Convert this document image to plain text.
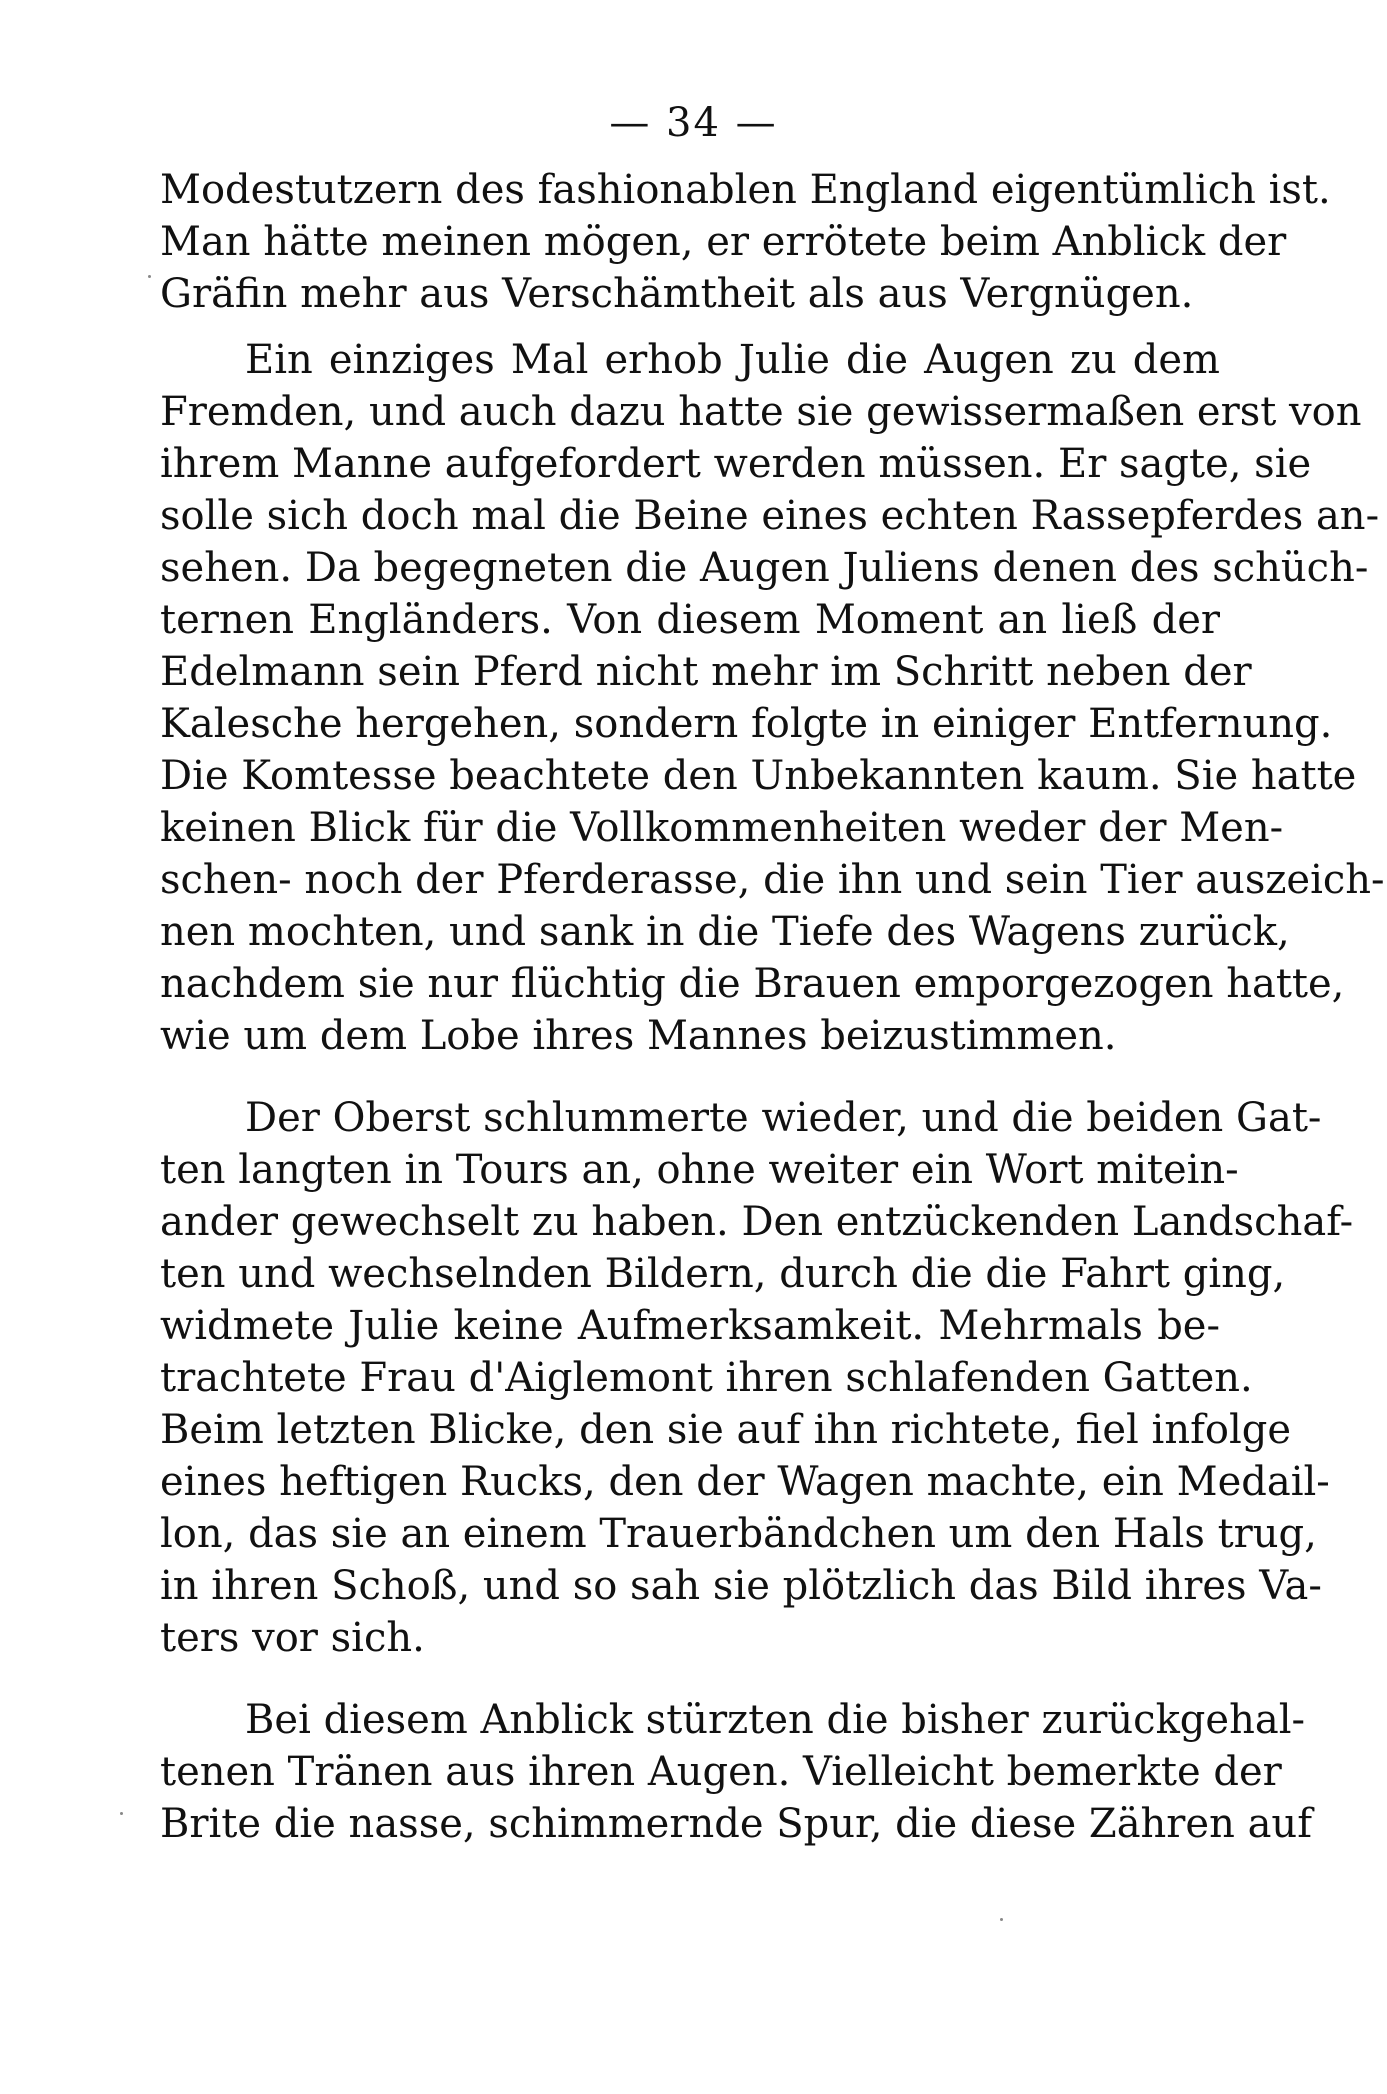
— 34 —
Modestutzern des fashionablen England eigentümlich ist.
Man hätte meinen mögen, er errötete beim Anblick der
Gräfin mehr aus Verschämtheit als aus Vergnügen.
Ein einziges Mal erhob Julie die Augen zu dem
Fremden, und auch dazu hatte sie gewissermaßen erst von
ihrem Manne aufgefordert werden müssen. Er sagte, sie
solle sich doch mal die Beine eines echten Rassepferdes an-
sehen. Da begegneten die Augen Juliens denen des schüch-
ternen Engländers. Von diesem Moment an ließ der
Edelmann sein Pferd nicht mehr im Schritt neben der
Kalesche hergehen, sondern folgte in einiger Entfernung.
Die Komtesse beachtete den Unbekannten kaum. Sie hatte
keinen Blick für die Vollkommenheiten weder der Men-
schen- noch der Pferderasse, die ihn und sein Tier auszeich-
nen mochten, und sank in die Tiefe des Wagens zurück,
nachdem sie nur flüchtig die Brauen emporgezogen hatte,
wie um dem Lobe ihres Mannes beizustimmen.
Der Oberst schlummerte wieder, und die beiden Gat-
ten langten in Tours an, ohne weiter ein Wort mitein-
ander gewechselt zu haben. Den entzückenden Landschaf-
ten und wechselnden Bildern, durch die die Fahrt ging,
widmete Julie keine Aufmerksamkeit. Mehrmals be-
trachtete Frau d'Aiglemont ihren schlafenden Gatten.
Beim letzten Blicke, den sie auf ihn richtete, fiel infolge
eines heftigen Rucks, den der Wagen machte, ein Medail-
lon, das sie an einem Trauerbändchen um den Hals trug,
in ihren Schoß, und so sah sie plötzlich das Bild ihres Va-
ters vor sich.
Bei diesem Anblick stürzten die bisher zurückgehal-
tenen Tränen aus ihren Augen. Vielleicht bemerkte der
Brite die nasse, schimmernde Spur, die diese Zähren auf
